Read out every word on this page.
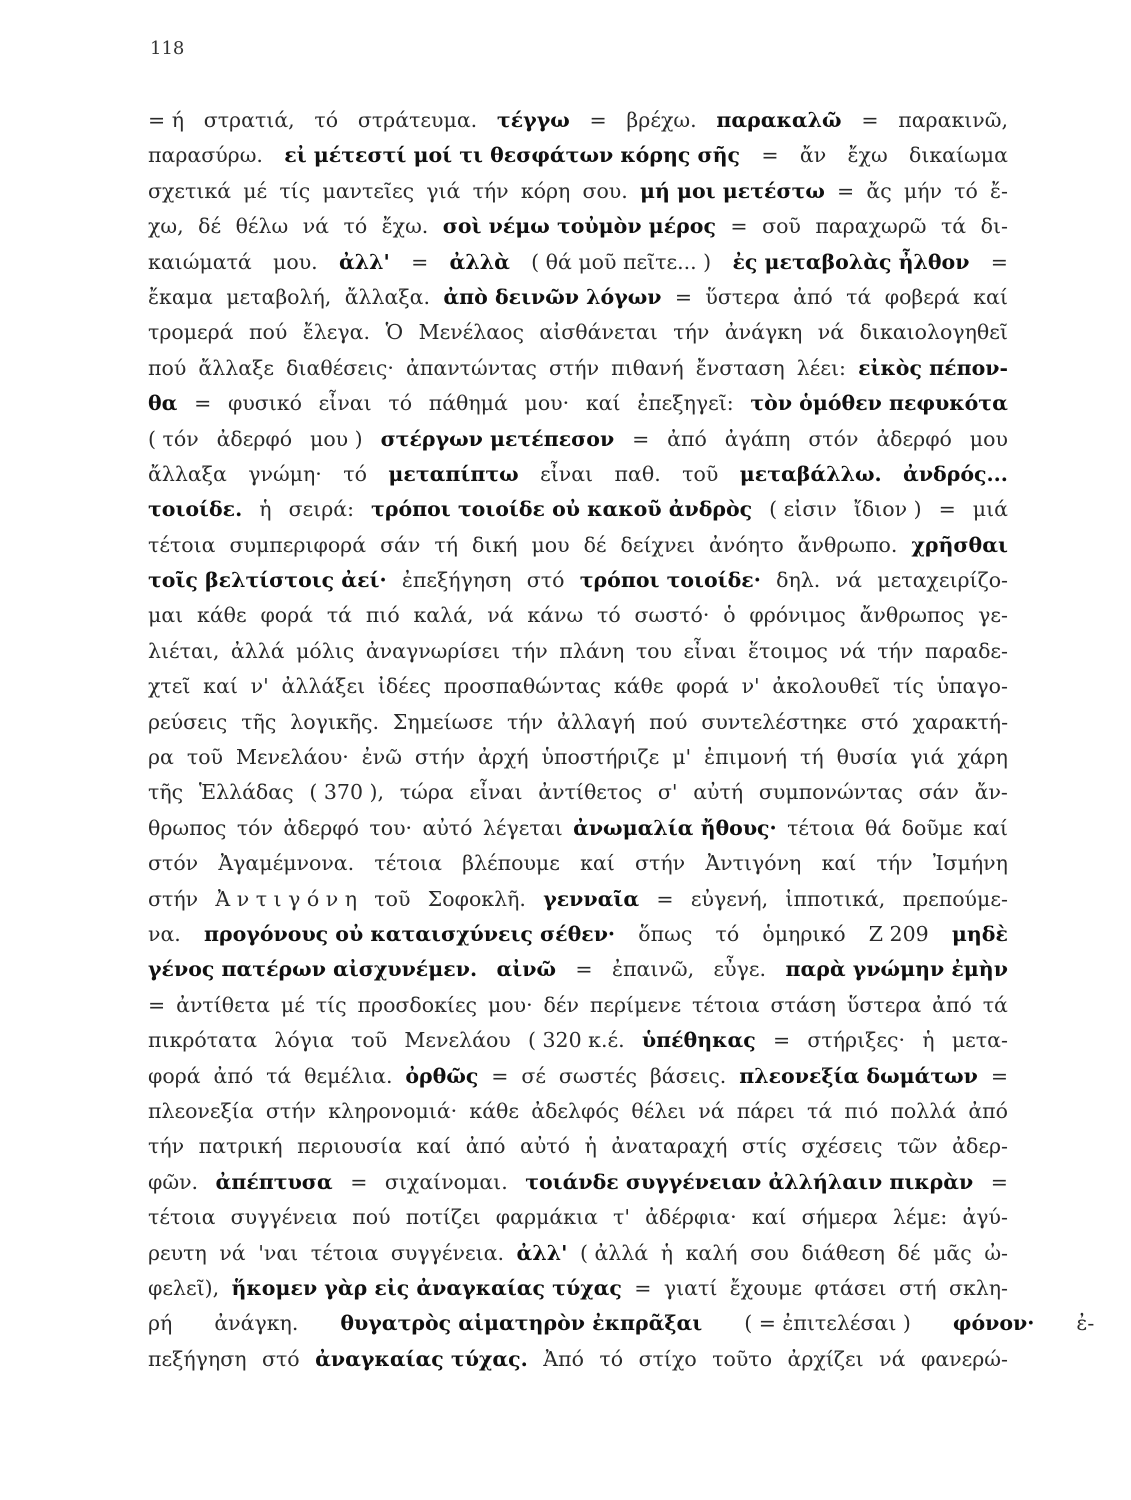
118
= ή στρατιά, τό στράτευμα. τέγγω = βρέχω. παρακαλῶ = παρακινῶ,
παρασύρω. εἰ μέτεστί μοί τι θεσφάτων κόρης σῆς = ἄν ἔχω δικαίωμα
σχετικά μέ τίς μαντεῖες γιά τήν κόρη σου. μή μοι μετέστω = ἄς μήν τό ἔ-
χω, δέ θέλω νά τό ἔχω. σοὶ νέμω τοὐμὸν μέρος = σοῦ παραχωρῶ τά δι-
καιώματά μου. ἀλλ' = ἀλλὰ ( θά μοῦ πεῖτε... ) ἐς μεταβολὰς ἦλθον =
ἔκαμα μεταβολή, ἄλλαξα. ἀπὸ δεινῶν λόγων = ὕστερα ἀπό τά φοβερά καί
τρομερά πού ἔλεγα. Ὁ Μενέλαος αἰσθάνεται τήν ἀνάγκη νά δικαιολογηθεῖ
πού ἄλλαξε διαθέσεις· ἀπαντώντας στήν πιθανή ἔνσταση λέει: εἰκὸς πέπον-
θα = φυσικό εἶναι τό πάθημά μου· καί ἐπεξηγεῖ: τὸν ὁμόθεν πεφυκότα
( τόν ἀδερφό μου ) στέργων μετέπεσον = ἀπό ἀγάπη στόν ἀδερφό μου
ἄλλαξα γνώμη· τό μεταπίπτω εἶναι παθ. τοῦ μεταβάλλω. ἀνδρός...
τοιοίδε. ἡ σειρά: τρόποι τοιοίδε οὐ κακοῦ ἀνδρὸς ( εἰσιν ἴδιον ) = μιά
τέτοια συμπεριφορά σάν τή δική μου δέ δείχνει ἀνόητο ἄνθρωπο. χρῆσθαι
τοῖς βελτίστοις ἀεί· ἐπεξήγηση στό τρόποι τοιοίδε· δηλ. νά μεταχειρίζο-
μαι κάθε φορά τά πιό καλά, νά κάνω τό σωστό· ὁ φρόνιμος ἄνθρωπος γε-
λιέται, ἀλλά μόλις ἀναγνωρίσει τήν πλάνη του εἶναι ἕτοιμος νά τήν παραδε-
χτεῖ καί ν' ἀλλάξει ἰδέες προσπαθώντας κάθε φορά ν' ἀκολουθεῖ τίς ὑπαγο-
ρεύσεις τῆς λογικῆς. Σημείωσε τήν ἀλλαγή πού συντελέστηκε στό χαρακτή-
ρα τοῦ Μενελάου· ἐνῶ στήν ἀρχή ὑποστήριζε μ' ἐπιμονή τή θυσία γιά χάρη
τῆς Ἑλλάδας ( 370 ), τώρα εἶναι ἀντίθετος σ' αὐτή συμπονώντας σάν ἄν-
θρωπος τόν ἀδερφό του· αὐτό λέγεται ἀνωμαλία ἤθους· τέτοια θά δοῦμε καί
στόν Ἀγαμέμνονα. τέτοια βλέπουμε καί στήν Ἀντιγόνη καί τήν Ἰσμήνη
στήν Ἀ ν τ ι γ ό ν η τοῦ Σοφοκλῆ. γενναῖα = εὐγενή, ἱπποτικά, πρεπούμε-
να. προγόνους οὐ καταισχύνεις σέθεν· ὅπως τό ὁμηρικό Ζ 209 μηδὲ
γένος πατέρων αἰσχυνέμεν. αἰνῶ = ἐπαινῶ, εὖγε. παρὰ γνώμην ἐμὴν
= ἀντίθετα μέ τίς προσδοκίες μου· δέν περίμενε τέτοια στάση ὕστερα ἀπό τά
πικρότατα λόγια τοῦ Μενελάου ( 320 κ.έ. ὑπέθηκας = στήριξες· ἡ μετα-
φορά ἀπό τά θεμέλια. ὀρθῶς = σέ σωστές βάσεις. πλεονεξία δωμάτων =
πλεονεξία στήν κληρονομιά· κάθε ἀδελφός θέλει νά πάρει τά πιό πολλά ἀπό
τήν πατρική περιουσία καί ἀπό αὐτό ἡ ἀναταραχή στίς σχέσεις τῶν ἀδερ-
φῶν. ἀπέπτυσα = σιχαίνομαι. τοιάνδε συγγένειαν ἀλλήλαιν πικρὰν =
τέτοια συγγένεια πού ποτίζει φαρμάκια τ' ἀδέρφια· καί σήμερα λέμε: ἀγύ-
ρευτη νά 'ναι τέτοια συγγένεια. ἀλλ' ( ἀλλά ἡ καλή σου διάθεση δέ μᾶς ὠ-
φελεῖ), ἥκομεν γὰρ εἰς ἀναγκαίας τύχας = γιατί ἔχουμε φτάσει στή σκλη-
ρή ἀνάγκη. θυγατρὸς αἱματηρὸν ἐκπρᾶξαι ( = ἐπιτελέσαι ) φόνον· ἐ-
πεξήγηση στό ἀναγκαίας τύχας. Ἀπό τό στίχο τοῦτο ἀρχίζει νά φανερώ-
